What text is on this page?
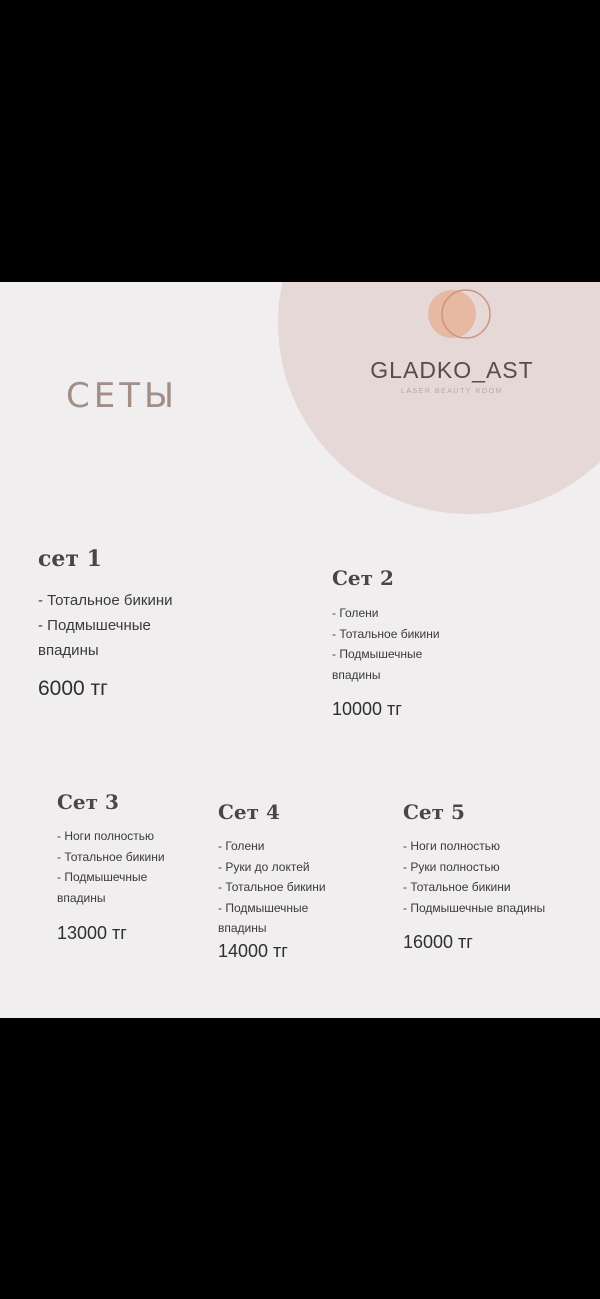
GLADKO_AST
LASER BEAUTY ROOM
СЕТЫ
сет 1
- Тотальное бикини
- Подмышечные впадины
6000 тг
Сет 2
- Голени
- Тотальное бикини
- Подмышечные впадины
10000 тг
Сет 3
- Ноги полностью
- Тотальное бикини
- Подмышечные впадины
13000 тг
Сет 4
- Голени
- Руки до локтей
- Тотальное бикини
- Подмышечные впадины
14000 тг
Сет 5
- Ноги полностью
- Руки полностью
- Тотальное бикини
- Подмышечные впадины
16000 тг
